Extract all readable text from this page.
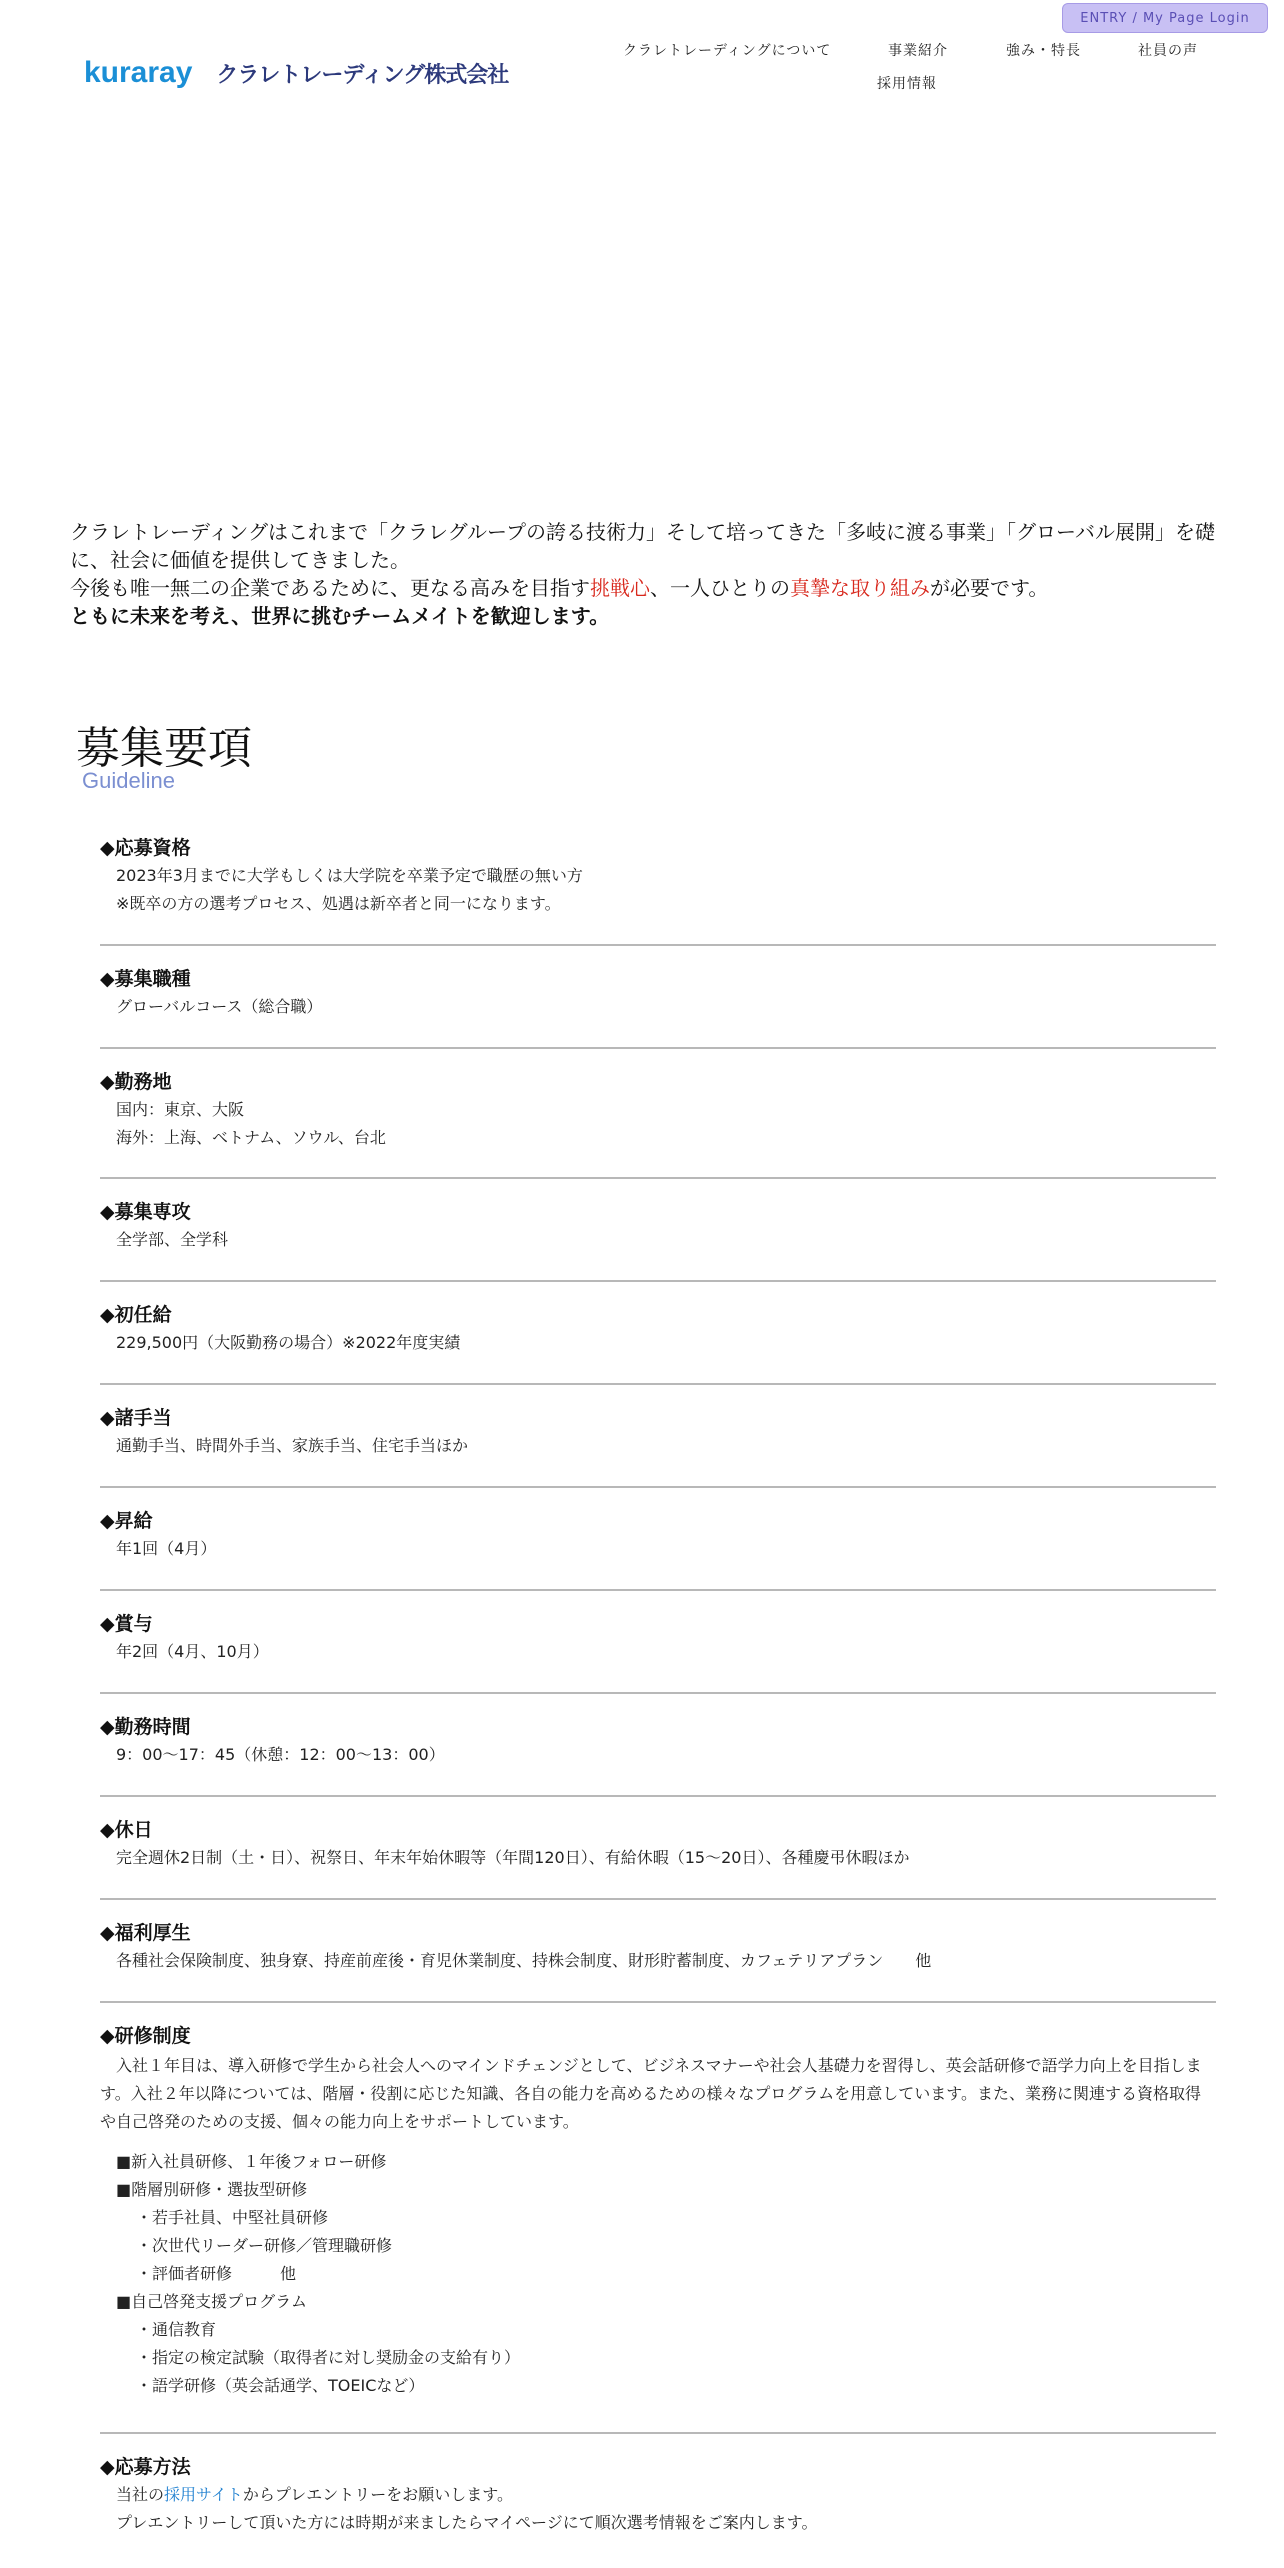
ENTRY / My Page Login
kuraray クラレトレーディング株式会社
クラレトレーディングについて	事業紹介	強み・特長	社員の声
採用情報

クラレトレーディングはこれまで「クラレグループの誇る技術力」そして培ってきた「多岐に渡る事業」「グローバル展開」を礎に、社会に価値を提供してきました。

今後も唯一無二の企業であるために、更なる高みを目指す挑戦心、一人ひとりの真摯な取り組みが必要です。

ともに未来を考え、世界に挑むチームメイトを歓迎します。

募集要項
Guideline
◆応募資格
2023年3月までに大学もしくは大学院を卒業予定で職歴の無い方
※既卒の方の選考プロセス、処遇は新卒者と同一になります。
◆募集職種
グローバルコース（総合職）
◆勤務地
国内：東京、大阪
海外：上海、ベトナム、ソウル、台北
◆募集専攻
全学部、全学科
◆初任給
229,500円（大阪勤務の場合）※2022年度実績
◆諸手当
通勤手当、時間外手当、家族手当、住宅手当ほか
◆昇給
年1回（4月）
◆賞与
年2回（4月、10月）
◆勤務時間
9：00〜17：45（休憩：12：00〜13：00）
◆休日
完全週休2日制（土・日）、祝祭日、年末年始休暇等（年間120日）、有給休暇（15〜20日）、各種慶弔休暇ほか
◆福利厚生
各種社会保険制度、独身寮、持産前産後・育児休業制度、持株会制度、財形貯蓄制度、カフェテリアプラン　　他
◆研修制度
入社１年目は、導入研修で学生から社会人へのマインドチェンジとして、ビジネスマナーや社会人基礎力を習得し、英会話研修で語学力向上を目指します。入社２年以降については、階層・役割に応じた知識、各自の能力を高めるための様々なプログラムを用意しています。また、業務に関連する資格取得や自己啓発のための支援、個々の能力向上をサポートしています。
■新入社員研修、１年後フォロー研修
■階層別研修・選抜型研修
・若手社員、中堅社員研修
・次世代リーダー研修／管理職研修
・評価者研修　　　他
■自己啓発支援プログラム
・通信教育
・指定の検定試験（取得者に対し奨励金の支給有り）
・語学研修（英会話通学、TOEICなど）
◆応募方法
当社の採用サイトからプレエントリーをお願いします。
プレエントリーして頂いた方には時期が来ましたらマイページにて順次選考情報をご案内します。
